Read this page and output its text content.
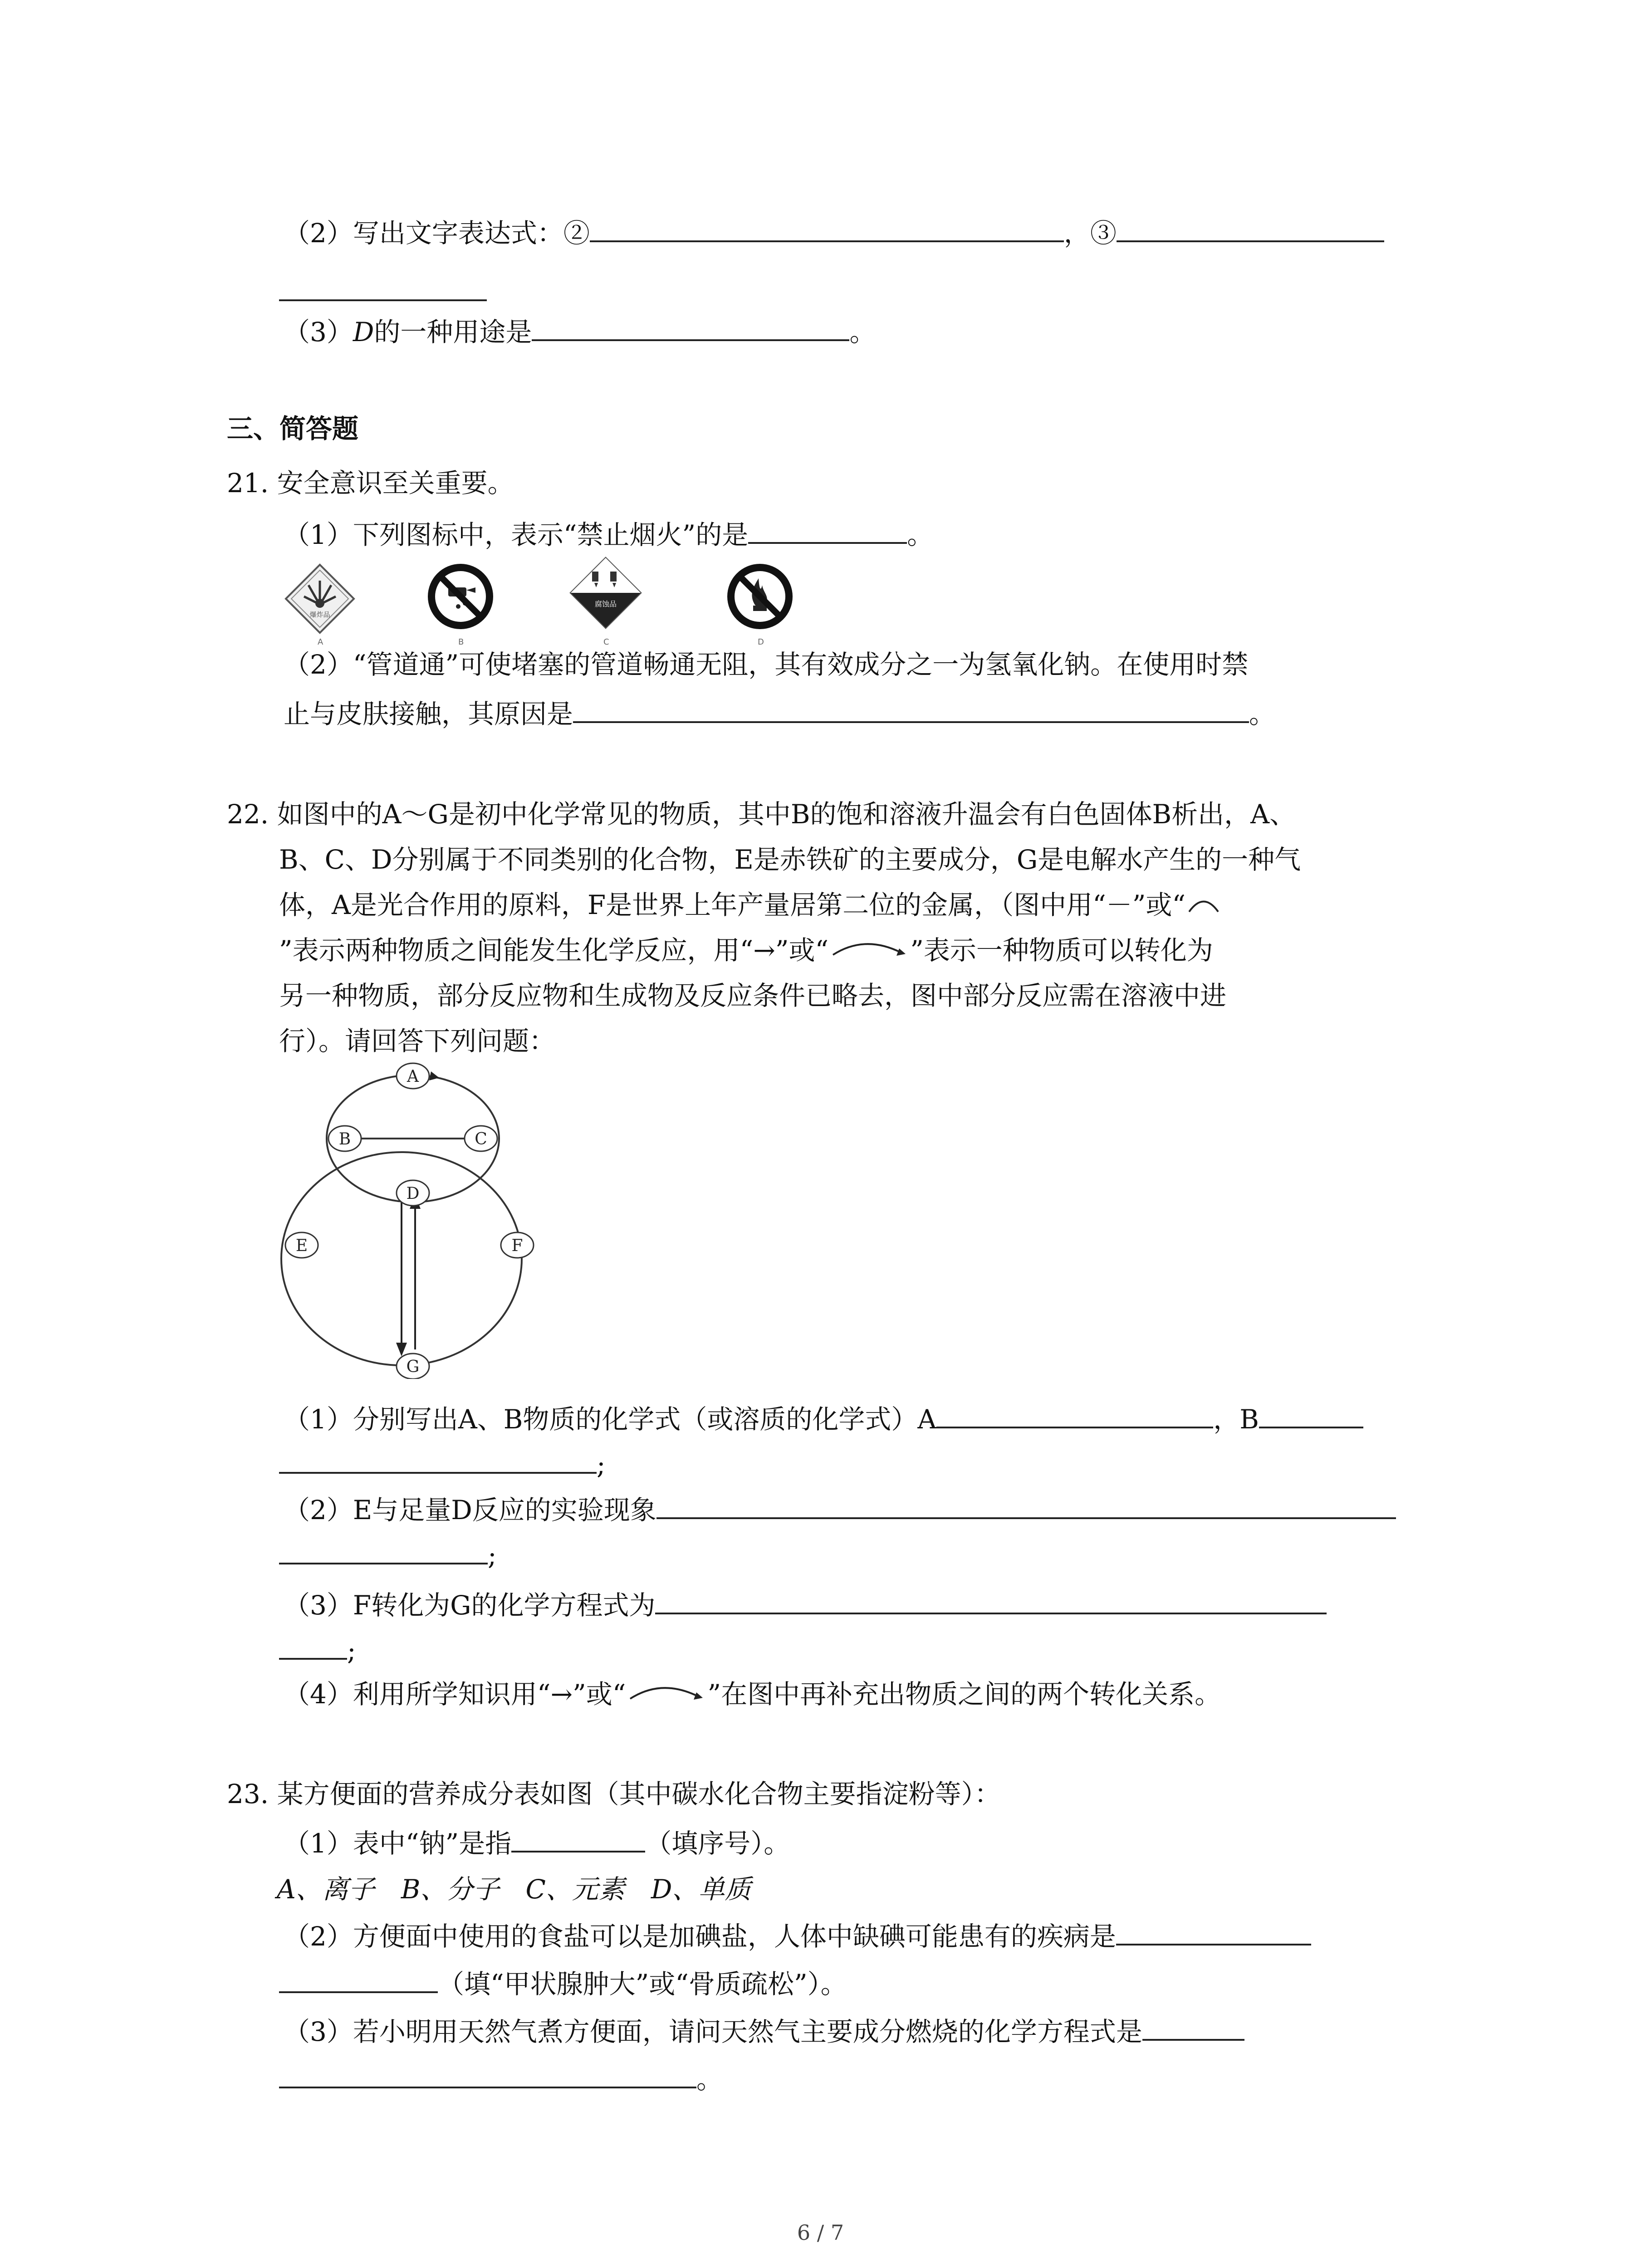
（2）写出文字表达式：②	，③
（3）D的一种用途是	。
三、简答题
21. 安全意识至关重要。
（1）下列图标中，表示“禁止烟火”的是	。
爆炸品
A	B
腐蚀品
C	D
（2）“管道通”可使堵塞的管道畅通无阻，其有效成分之一为氢氧化钠。在使用时禁
止与皮肤接触，其原因是	。
22. 如图中的A～G是初中化学常见的物质，其中B的饱和溶液升温会有白色固体B析出，A、
B、C、D分别属于不同类别的化合物，E是赤铁矿的主要成分，G是电解水产生的一种气
体，A是光合作用的原料，F是世界上年产量居第二位的金属，（图中用“－”或“
”表示两种物质之间能发生化学反应，用“→”或“	”表示一种物质可以转化为
另一种物质，部分反应物和生成物及反应条件已略去，图中部分反应需在溶液中进
行）。请回答下列问题：
A
B	C
D
E	F
G
（1）分别写出A、B物质的化学式（或溶质的化学式）A	，B
;
（2）E与足量D反应的实验现象
;
（3）F转化为G的化学方程式为
;
（4）利用所学知识用“→”或“	”在图中再补充出物质之间的两个转化关系。
23. 某方便面的营养成分表如图（其中碳水化合物主要指淀粉等）：
（1）表中“钠”是指	（填序号）。
A、离子　B、分子　C、元素　D、单质
（2）方便面中使用的食盐可以是加碘盐，人体中缺碘可能患有的疾病是
（填“甲状腺肿大”或“骨质疏松”）。
（3）若小明用天然气煮方便面，请问天然气主要成分燃烧的化学方程式是
。
6 / 7
